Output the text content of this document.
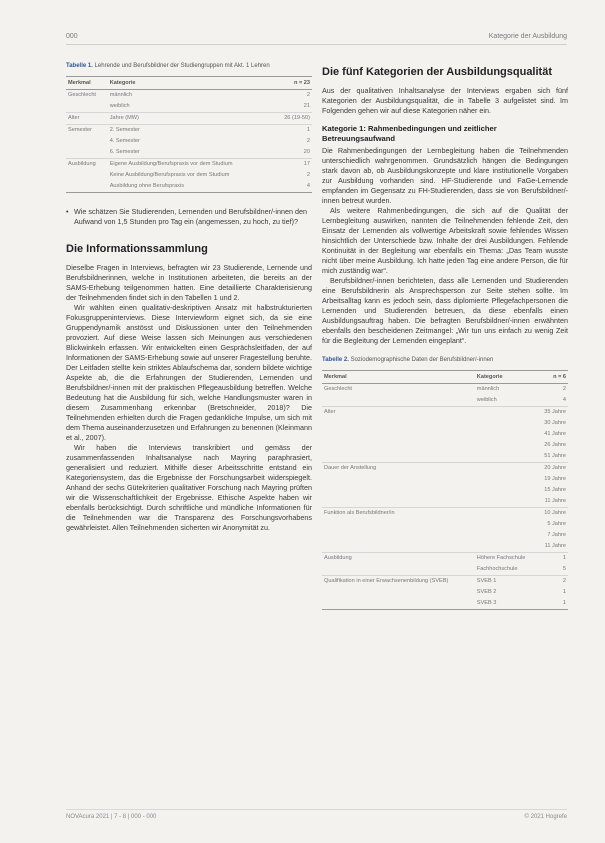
000	Kategorie der Ausbildung
Tabelle 1. Lehrende und Berufsbildner der Studiengruppen mit Akt. 1 Lehren
Merkmal	Kategorie	n = 23
Geschlecht	männlich	2
	weiblich	21
Alter	Jahre (MW)	26 (19-50)
Semester	2. Semester	1
	4. Semester	2
	6. Semester	20
Ausbildung	Eigene Ausbildung/Berufspraxis vor dem Studium	17
	Keine Ausbildung/Berufspraxis vor dem Studium	2
	Ausbildung ohne Berufspraxis	4
• Wie schätzen Sie Studierenden, Lernenden und Berufsbildner/-innen den Aufwand von 1,5 Stunden pro Tag ein (angemessen, zu hoch, zu tief)?
Die Informationssammlung

Dieselbe Fragen in Interviews, befragten wir 23 Studierende, Lernende und Berufsbildnerinnen, welche in Institutionen arbeiteten, die bereits an der SAMS-Erhebung teilgenommen hatten. Eine detaillierte Charakterisierung der Teilnehmenden findet sich in den Tabellen 1 und 2.

Wir wählten einen qualitativ-deskriptiven Ansatz mit halbstrukturierten Fokusgruppeninterviews. Diese Interviewform eignet sich, da sie eine Gruppendynamik anstösst und Diskussionen unter den Teilnehmenden provoziert. Auf diese Weise lassen sich Meinungen aus verschiedenen Blickwinkeln erfassen. Wir entwickelten einen Gesprächsleitfaden, der auf Informationen der SAMS-Erhebung sowie auf unserer Fragestellung beruhte. Der Leitfaden stellte kein striktes Ablaufschema dar, sondern bildete wichtige Aspekte ab, die die Erfahrungen der Studierenden, Lernenden und Berufsbildner/-innen mit der praktischen Pflegeausbildung betreffen. Welche Bedeutung hat die Ausbildung für sich, welche Handlungsmuster waren in diesem Zusammenhang erkennbar (Bretschneider, 2018)? Die Teilnehmenden erhielten durch die Fragen gedankliche Impulse, um sich mit dem Thema auseinanderzusetzen und Erfahrungen zu benennen (Kleinmann et al., 2007).

Wir haben die Interviews transkribiert und gemäss der zusammenfassenden Inhaltsanalyse nach Mayring paraphrasiert, generalisiert und reduziert. Mithilfe dieser Arbeitsschritte entstand ein Kategoriensystem, das die Ergebnisse der Forschungsarbeit widerspiegelt. Anhand der sechs Gütekriterien qualitativer Forschung nach Mayring prüften wir die Wissenschaftlichkeit der Ergebnisse. Ethische Aspekte haben wir ebenfalls berücksichtigt. Durch schriftliche und mündliche Informationen für die Teilnehmenden war die Transparenz des Forschungsvorhabens gewährleistet. Allen Teilnehmenden sicherten wir Anonymität zu.

Die fünf Kategorien der Ausbildungsqualität

Aus der qualitativen Inhaltsanalyse der Interviews ergaben sich fünf Kategorien der Ausbildungsqualität, die in Tabelle 3 aufgelistet sind. Im Folgenden gehen wir auf diese Kategorien näher ein.

Kategorie 1: Rahmenbedingungen und zeitlicher Betreuungsaufwand

Die Rahmenbedingungen der Lernbegleitung haben die Teilnehmenden unterschiedlich wahrgenommen. Grundsätzlich hängen die Bedingungen stark davon ab, ob Ausbildungskonzepte und klare institutionelle Vorgaben zur Ausbildung vorhanden sind. HF-Studierende und FaGe-Lernende empfanden im Gegensatz zu FH-Studierenden, dass sie von Berufsbildner/-innen betreut wurden.

Als weitere Rahmenbedingungen, die sich auf die Qualität der Lernbegleitung auswirken, nannten die Teilnehmenden fehlende Zeit, den Einsatz der Lernenden als vollwertige Arbeitskraft sowie fehlendes Wissen hinsichtlich der Unterschiede bzw. Inhalte der drei Ausbildungen. Fehlende Kontinuität in der Begleitung war ebenfalls ein Thema: „Das Team wusste nicht über meine Ausbildung. Ich hatte jeden Tag eine andere Person, die für mich zuständig war“.

Berufsbildner/-innen berichteten, dass alle Lernenden und Studierenden eine Berufsbildnerin als Ansprechsperson zur Seite stehen sollte. Im Arbeitsalltag kann es jedoch sein, dass diplomierte Pflegefachpersonen die Lernenden und Studierenden betreuen, da diese ebenfalls einen Ausbildungsauftrag haben. Die befragten Berufsbildner/-innen erwähnten ebenfalls den bescheidenen Zeitmangel: „Wir tun uns einfach zu wenig Zeit für die Begleitung der Lernenden eingeplant“.

Tabelle 2. Soziodemographische Daten der Berufsbildner/-innen
Merkmal	Kategorie	n = 6
Geschlecht	männlich	2
	weiblich	4
Alter		35 Jahre
		30 Jahre
		41 Jahre
		26 Jahre
		51 Jahre
Dauer der Anstellung		20 Jahre
		19 Jahre
		15 Jahre
		11 Jahre
Funktion als Berufsbildner/in		10 Jahre
		5 Jahre
		7 Jahre
		11 Jahre
Ausbildung	Höhere Fachschule	1
	Fachhochschule	5
Qualifikation in einer Erwachsenenbildung (SVEB)	SVEB 1	2
	SVEB 2	1
	SVEB 3	1
NOVAcura 2021 | 7 - 8 | 000 - 000	© 2021 Hogrefe
